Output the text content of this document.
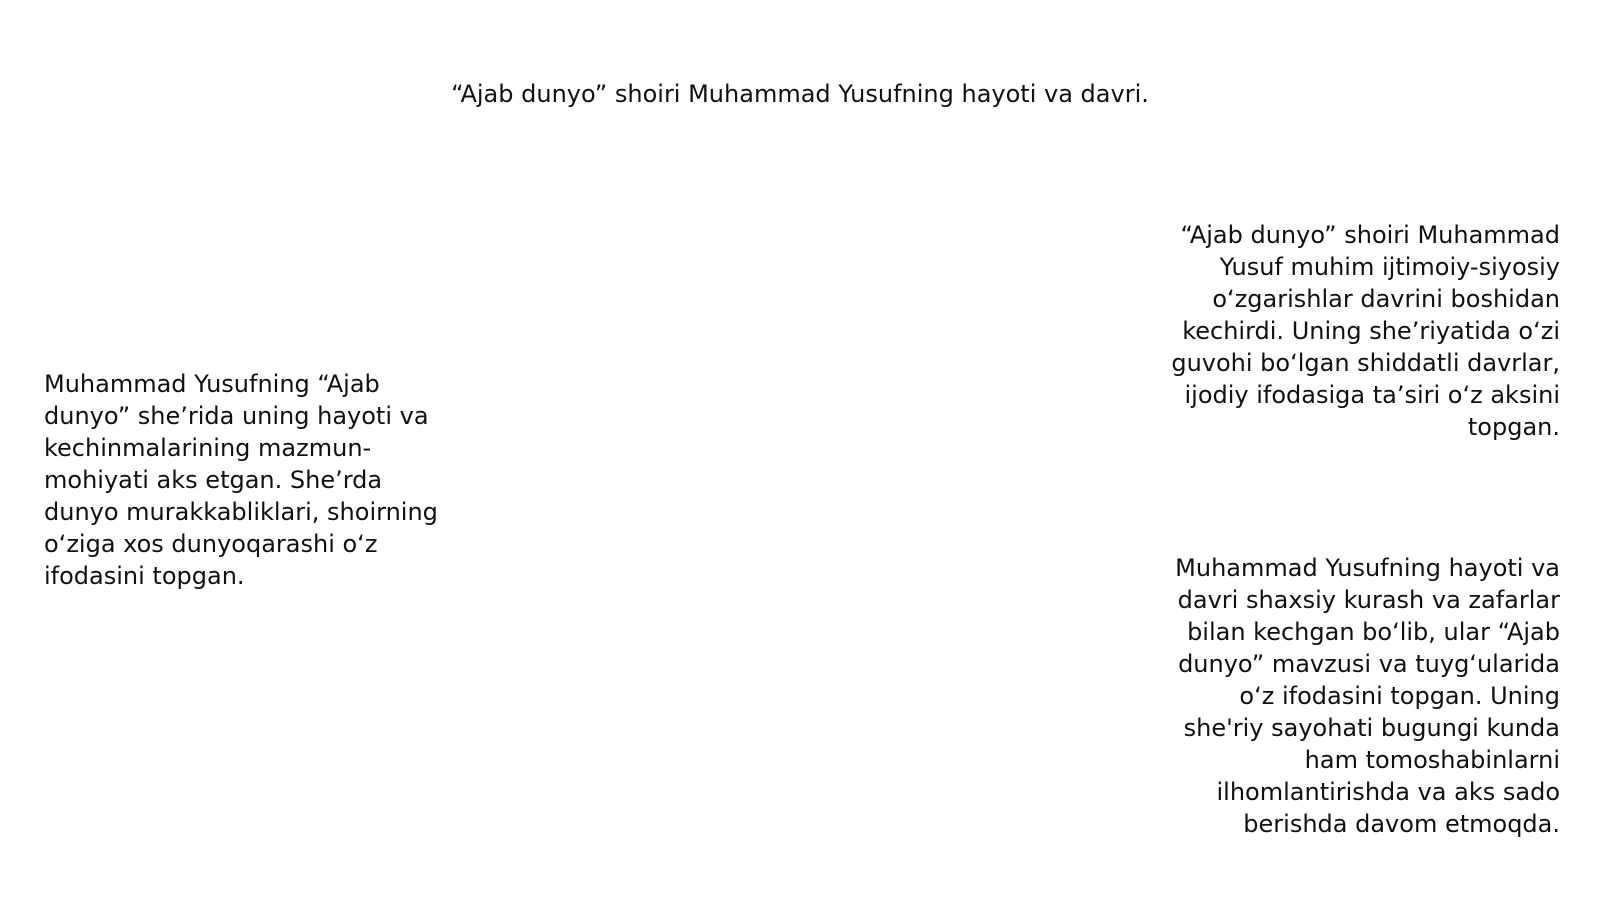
“Ajab dunyo” shoiri Muhammad Yusufning hayoti va davri.
Muhammad Yusufning “Ajab dunyo” she’rida uning hayoti va kechinmalarining mazmun-mohiyati aks etgan. She’rda dunyo murakkabliklari, shoirning o‘ziga xos dunyoqarashi o‘z ifodasini topgan.
“Ajab dunyo” shoiri Muhammad Yusuf muhim ijtimoiy-siyosiy o‘zgarishlar davrini boshidan kechirdi. Uning she’riyatida o‘zi guvohi bo‘lgan shiddatli davrlar, ijodiy ifodasiga ta’siri o‘z aksini topgan.
Muhammad Yusufning hayoti va davri shaxsiy kurash va zafarlar bilan kechgan bo‘lib, ular “Ajab dunyo” mavzusi va tuyg‘ularida o‘z ifodasini topgan. Uning she'riy sayohati bugungi kunda ham tomoshabinlarni ilhomlantirishda va aks sado berishda davom etmoqda.
